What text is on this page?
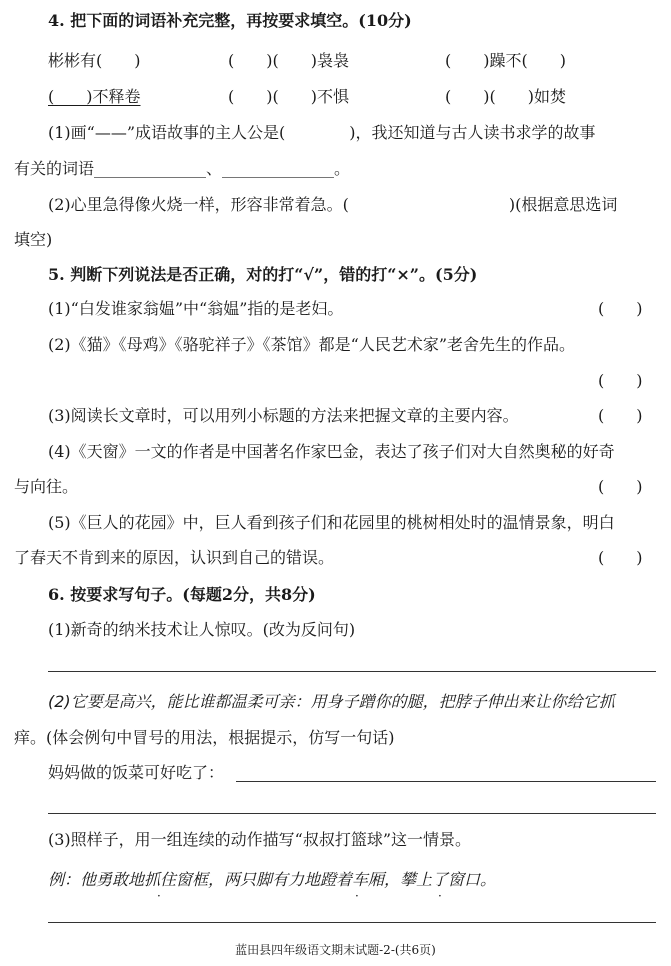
4. 把下面的词语补充完整，再按要求填空。(10分)
彬彬有(　　)	(　　)(　　)袅袅	(　　)躁不(　　)
(　　)不释卷	(　　)(　　)不惧	(　　)(　　)如焚
(1)画“——”成语故事的主人公是(　　　　)，我还知道与古人读书求学的故事
有关的词语______________、______________。
(2)心里急得像火烧一样，形容非常着急。(　　　　　　　　　　)(根据意思选词
填空)
5. 判断下列说法是否正确，对的打“√”，错的打“×”。(5分)
(1)“白发谁家翁媪”中“翁媪”指的是老妇。	(　　)
(2)《猫》《母鸡》《骆驼祥子》《茶馆》都是“人民艺术家”老舍先生的作品。
(　　)
(3)阅读长文章时，可以用列小标题的方法来把握文章的主要内容。	(　　)
(4)《天窗》一文的作者是中国著名作家巴金，表达了孩子们对大自然奥秘的好奇
与向往。	(　　)
(5)《巨人的花园》中，巨人看到孩子们和花园里的桃树相处时的温情景象，明白
了春天不肯到来的原因，认识到自己的错误。	(　　)
6. 按要求写句子。(每题2分，共8分)
(1)新奇的纳米技术让人惊叹。(改为反问句)
(2)它要是高兴，能比谁都温柔可亲：用身子蹭你的腿，把脖子伸出来让你给它抓
痒。(体会例句中冒号的用法，根据提示，仿写一句话)
妈妈做的饭菜可好吃了：
(3)照样子，用一组连续的动作描写“叔叔打篮球”这一情景。
例：他勇敢地抓住窗框，两只脚有力地蹬着车厢，攀上了窗口。
·	·	·
蓝田县四年级语文期末试题-2-(共6页)
